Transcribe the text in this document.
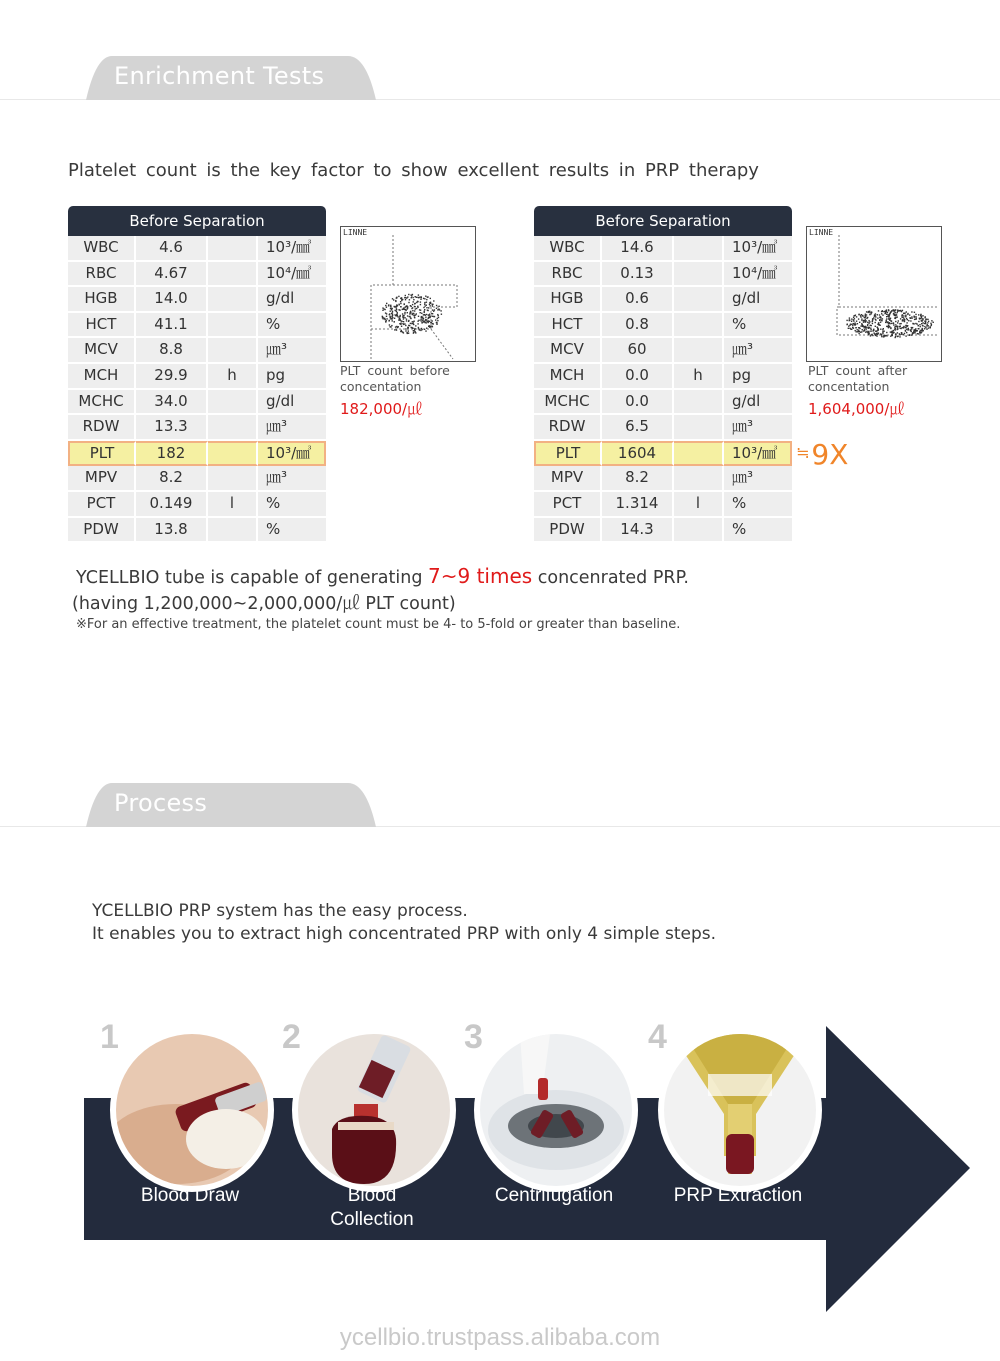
Enrichment Tests
Platelet count is the key factor to show excellent results in PRP therapy
Before Separation
WBC	4.6	10³/㎣
RBC	4.67	10⁴/㎣
HGB	14.0	g/dl
HCT	41.1	%
MCV	8.8	㎛³
MCH	29.9	h	pg
MCHC	34.0	g/dl
RDW	13.3	㎛³
PLT	182	10³/㎣
MPV	8.2	㎛³
PCT	0.149	l	%
PDW	13.8	%
LINNE
PLT count before
concentation
182,000/㎕
Before Separation
WBC	14.6	10³/㎣
RBC	0.13	10⁴/㎣
HGB	0.6	g/dl
HCT	0.8	%
MCV	60	㎛³
MCH	0.0	h	pg
MCHC	0.0	g/dl
RDW	6.5	㎛³
PLT	1604	10³/㎣
MPV	8.2	㎛³
PCT	1.314	l	%
PDW	14.3	%
LINNE
PLT count after
concentation
1,604,000/㎕
≒9X
YCELLBIO tube is capable of generating 7~9 times concenrated PRP.
(having 1,200,000~2,000,000/㎕ PLT count)
※For an effective treatment, the platelet count must be 4- to 5-fold or greater than baseline.
Process
YCELLBIO PRP system has the easy process.
It enables you to extract high concentrated PRP with only 4 simple steps.
1
Blood Draw
2
Blood
Collection
3
Centrifugation
4
PRP Extraction
ycellbio.trustpass.alibaba.com
